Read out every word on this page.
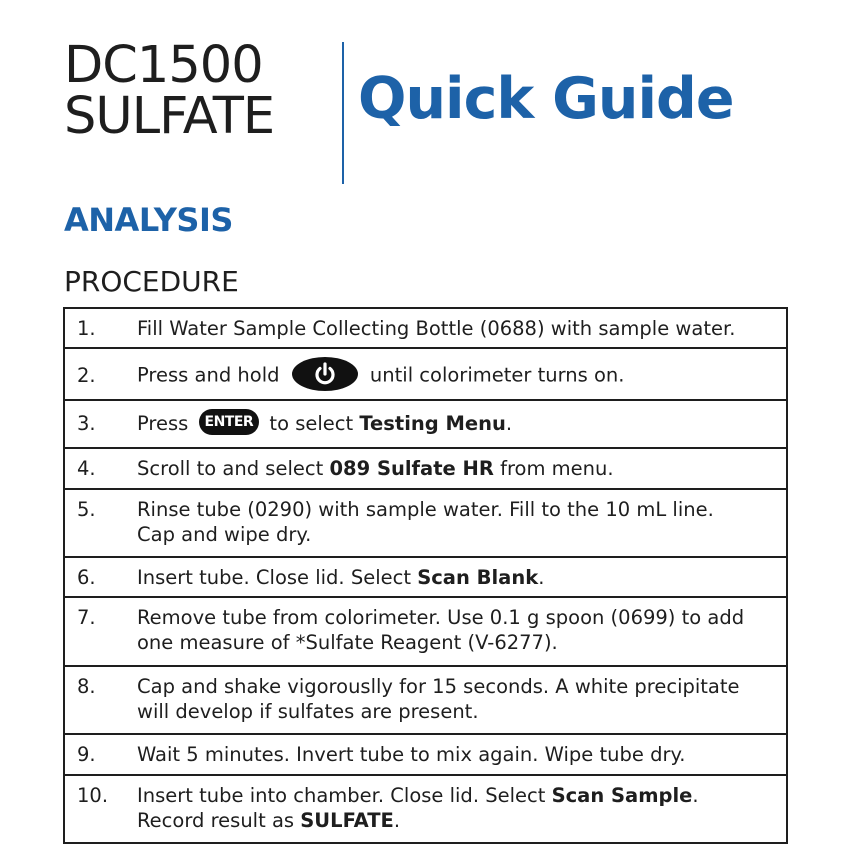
DC1500
SULFATE Quick Guide
ANALYSIS
PROCEDURE
1.	Fill Water Sample Collecting Bottle (0688) with sample water.

2.	Press and hold until colorimeter turns on.

3.	Press ENTER to select Testing Menu.

4.	Scroll to and select 089 Sulfate HR from menu.

5.	Rinse tube (0290) with sample water. Fill to the 10 mL line.
Cap and wipe dry.

6.	Insert tube. Close lid. Select Scan Blank.

7.	Remove tube from colorimeter. Use 0.1 g spoon (0699) to add
one measure of *Sulfate Reagent (V-6277).

8.	Cap and shake vigorouslly for 15 seconds. A white precipitate
will develop if sulfates are present.

9.	Wait 5 minutes. Invert tube to mix again. Wipe tube dry.

10.	Insert tube into chamber. Close lid. Select Scan Sample.
Record result as SULFATE.
